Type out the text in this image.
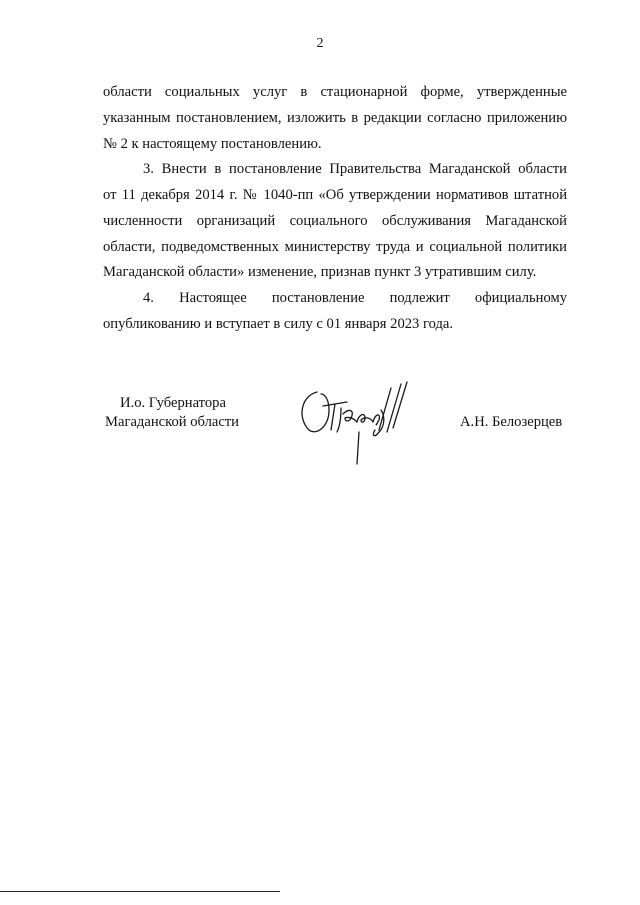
2
области социальных услуг в стационарной форме, утвержденные
указанным постановлением, изложить в редакции согласно приложению
№ 2 к настоящему постановлению.
3. Внести в постановление Правительства Магаданской области
от 11 декабря 2014 г. № 1040-пп «Об утверждении нормативов штатной
численности организаций социального обслуживания Магаданской
области, подведомственных министерству труда и социальной политики
Магаданской области» изменение, признав пункт 3 утратившим силу.
4. Настоящее постановление подлежит официальному
опубликованию и вступает в силу с 01 января 2023 года.
И.о. Губернатора
Магаданской области	А.Н. Белозерцев
